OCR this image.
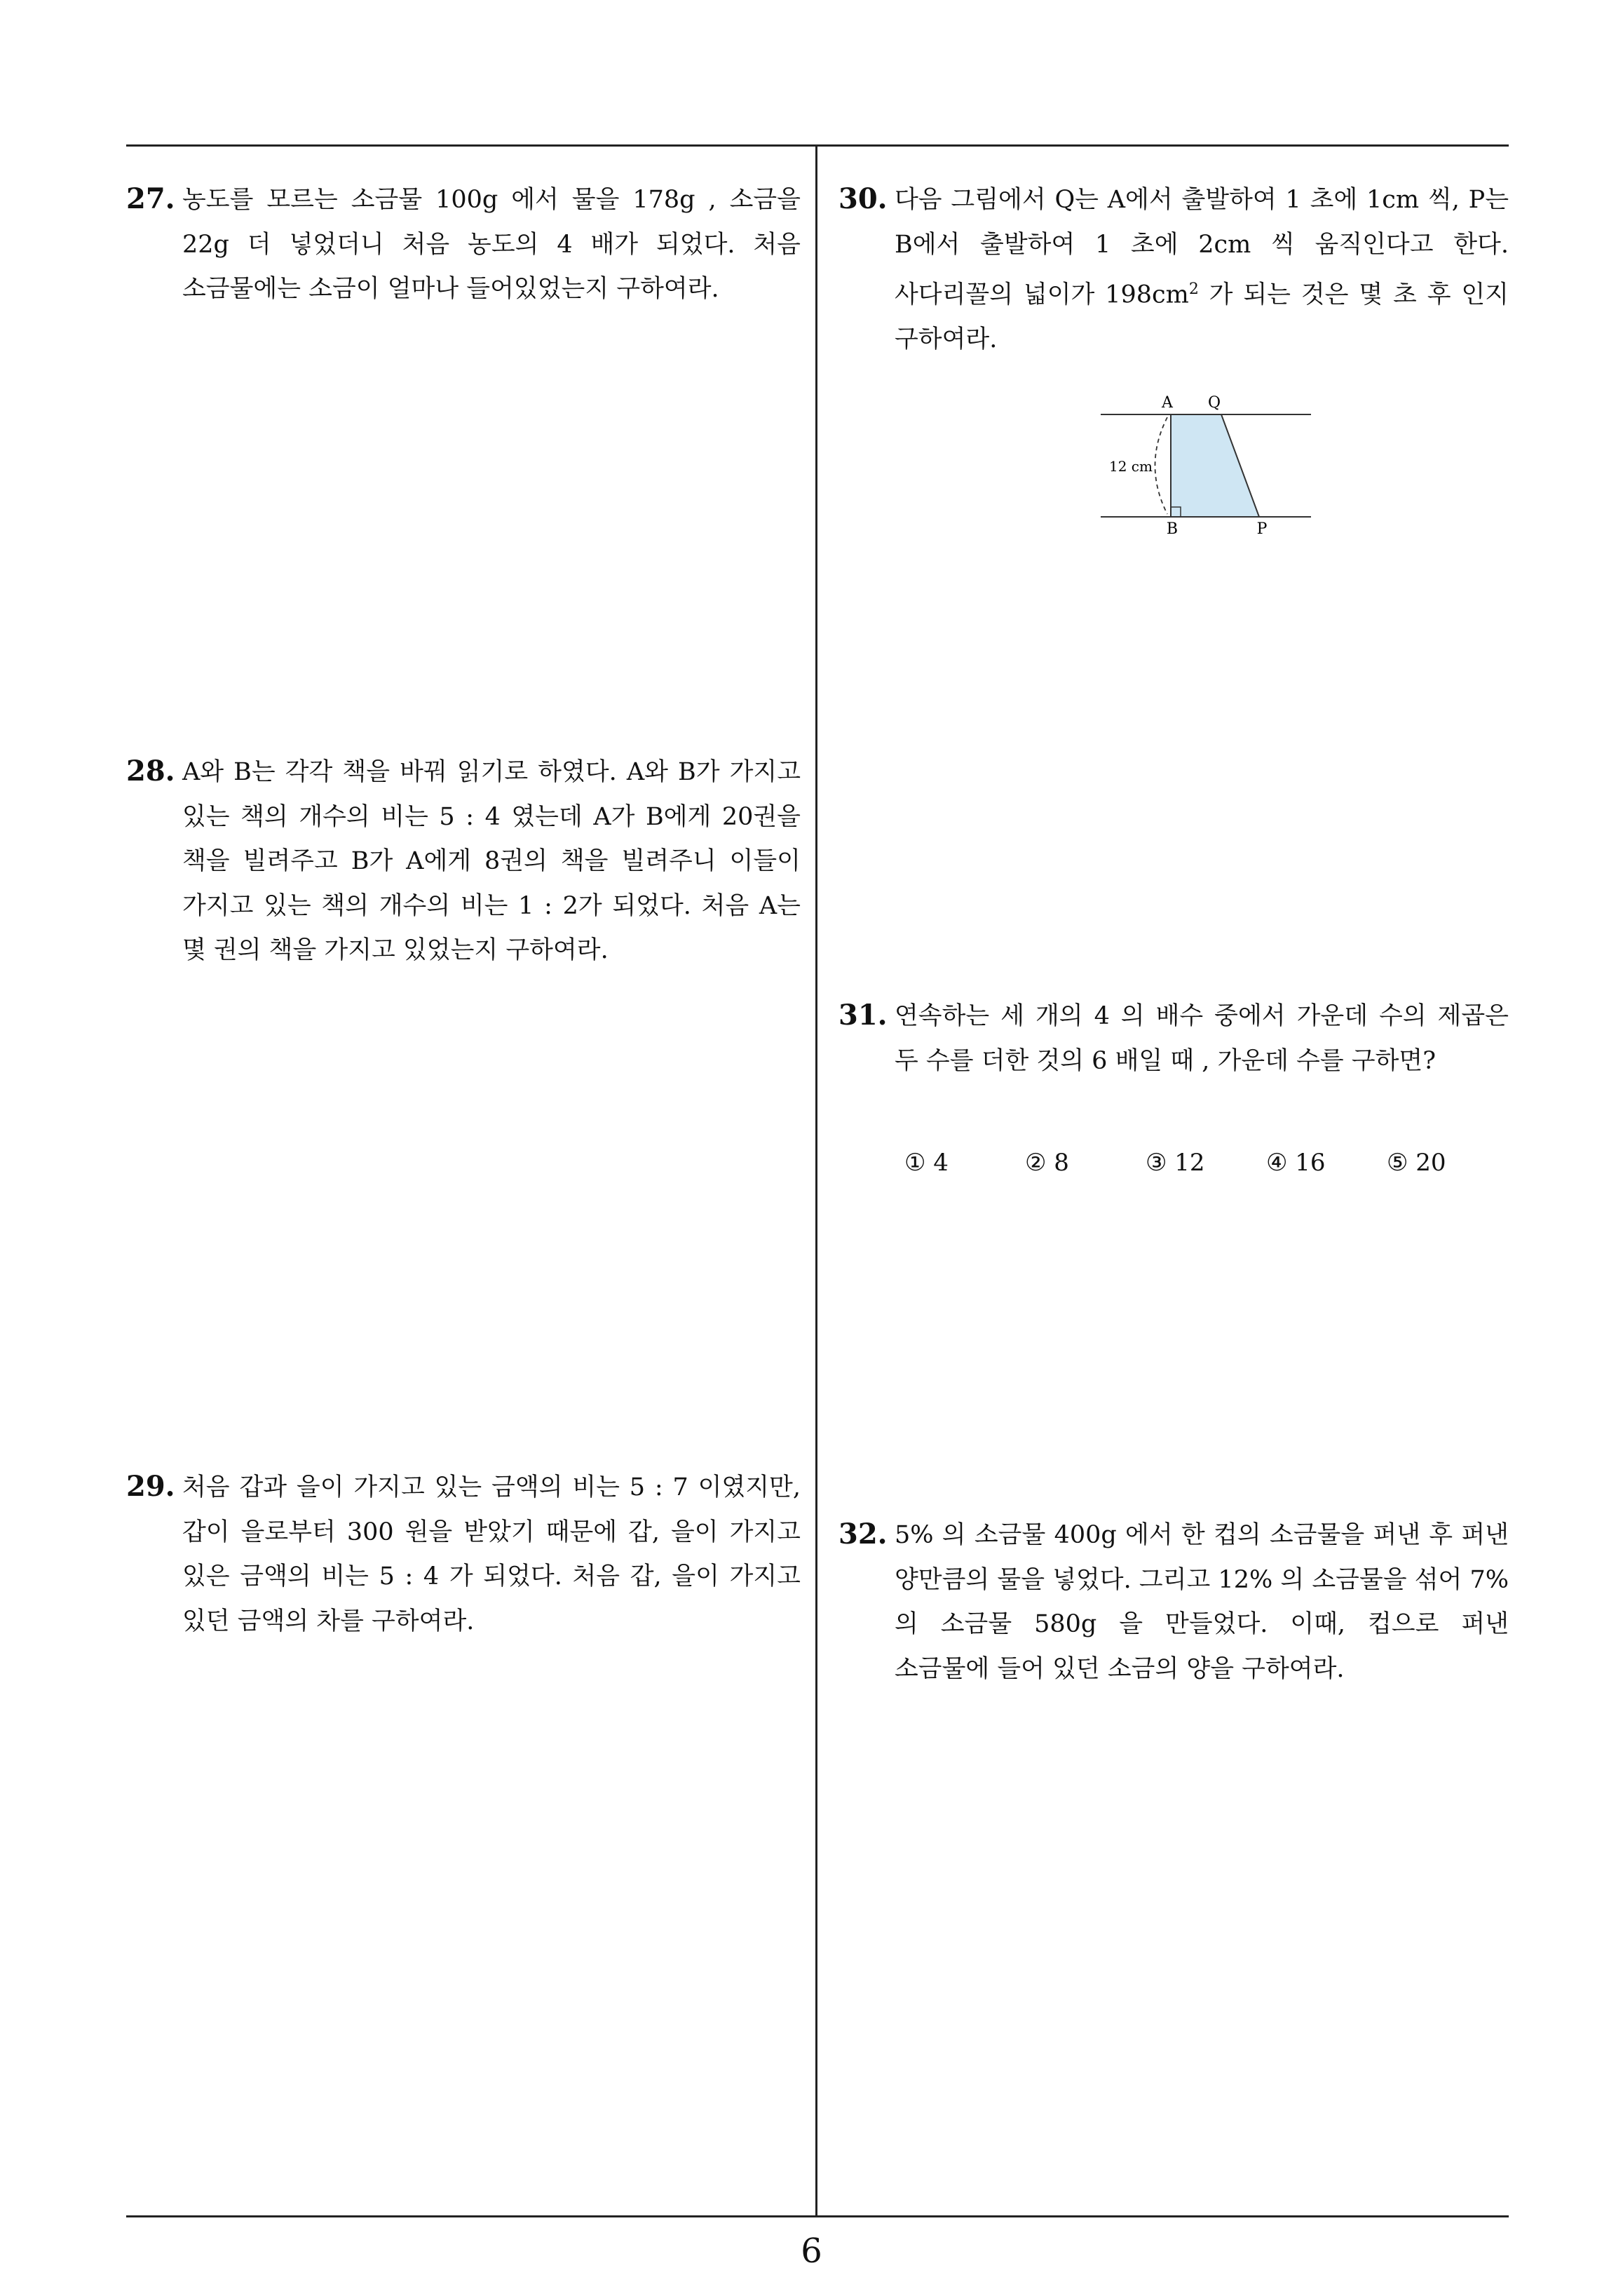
27. 농도를 모르는 소금물 100g 에서 물을 178g , 소금을 22g 더 넣었더니 처음 농도의 4 배가 되었다. 처음 소금물에는 소금이 얼마나 들어있었는지 구하여라.
28. A와 B는 각각 책을 바꿔 읽기로 하였다. A와 B가 가지고 있는 책의 개수의 비는 5 : 4 였는데 A가 B에게 20권을 책을 빌려주고 B가 A에게 8권의 책을 빌려주니 이들이 가지고 있는 책의 개수의 비는 1 : 2가 되었다. 처음 A는 몇 권의 책을 가지고 있었는지 구하여라.
29. 처음 갑과 을이 가지고 있는 금액의 비는 5 : 7 이였지만, 갑이 을로부터 300 원을 받았기 때문에 갑, 을이 가지고 있은 금액의 비는 5 : 4 가 되었다. 처음 갑, 을이 가지고 있던 금액의 차를 구하여라.
30. 다음 그림에서 Q는 A에서 출발하여 1 초에 1cm 씩, P는 B에서 출발하여 1 초에 2cm 씩 움직인다고 한다. 사다리꼴의 넓이가 $198cm^2$ 가 되는 것은 몇 초 후 인지 구하여라.
A Q
B	P
12 cm
31. 연속하는 세 개의 4 의 배수 중에서 가운데 수의 제곱은 두 수를 더한 것의 6 배일 때 , 가운데 수를 구하면?
① 4	② 8	③ 12	④ 16	⑤ 20
32. 5% 의 소금물 400g 에서 한 컵의 소금물을 퍼낸 후 퍼낸 양만큼의 물을 넣었다. 그리고 12% 의 소금물을 섞어 7% 의 소금물 580g 을 만들었다. 이때, 컵으로 퍼낸 소금물에 들어 있던 소금의 양을 구하여라.
6
